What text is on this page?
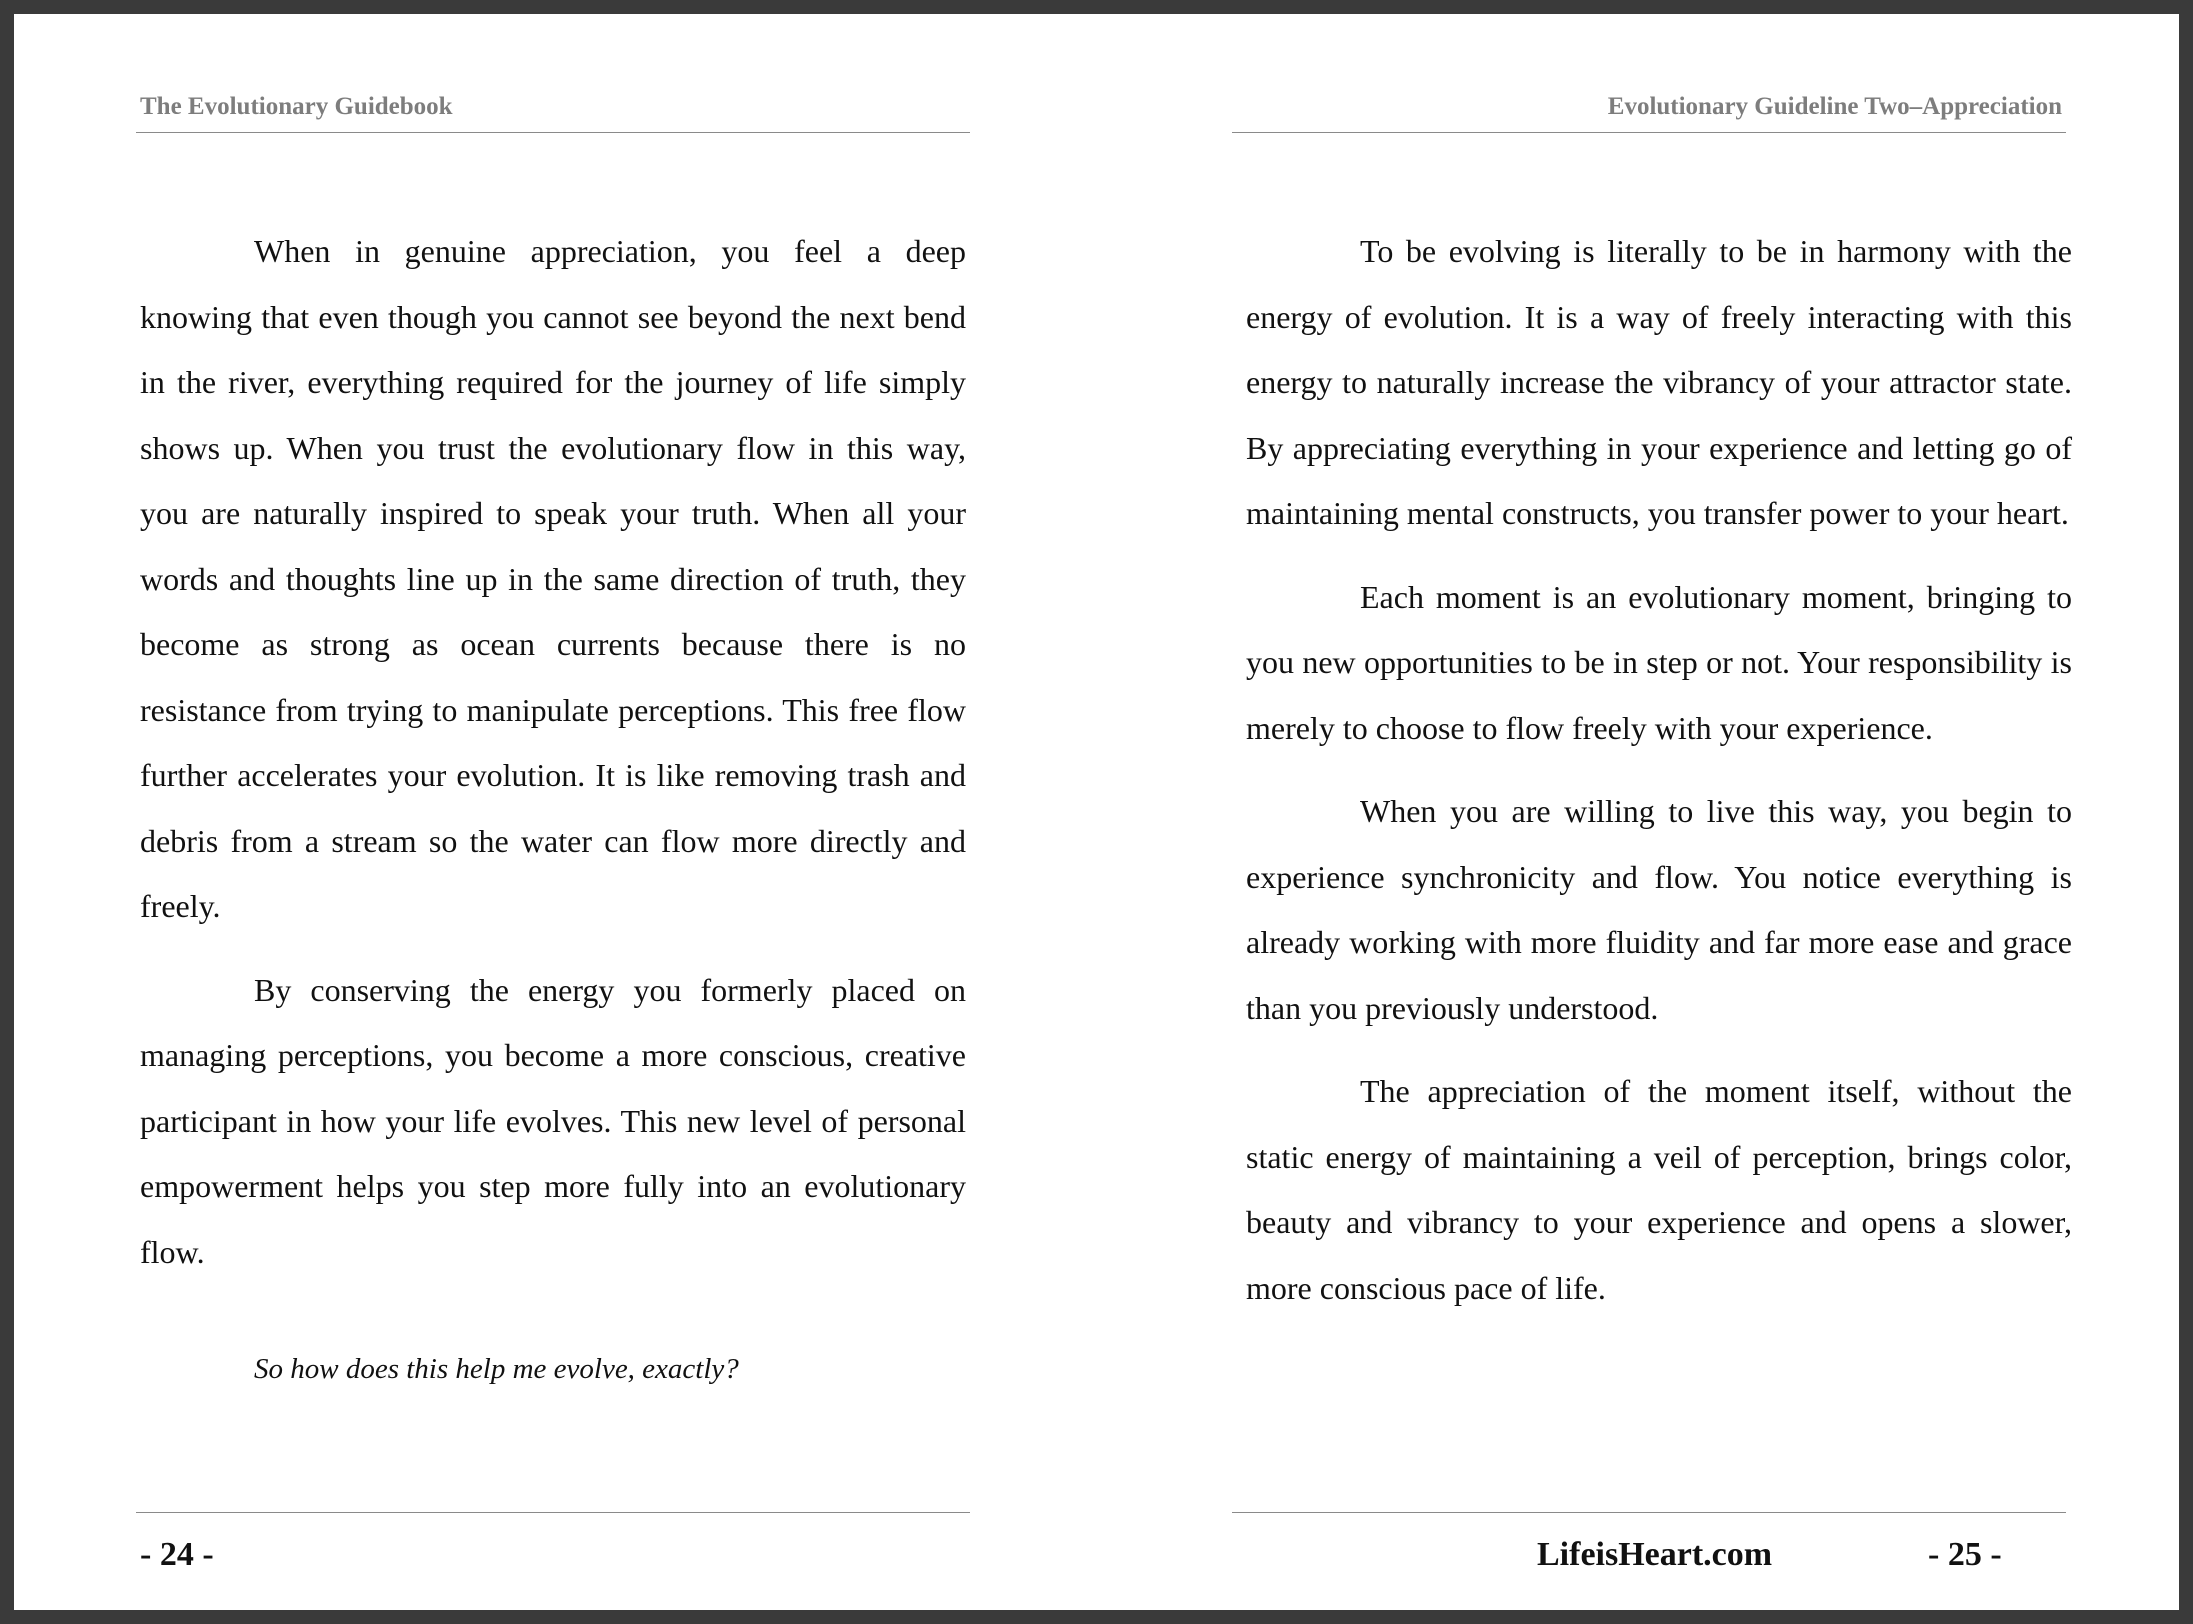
The Evolutionary Guidebook

When in genuine appreciation, you feel a deep knowing that even though you cannot see beyond the next bend in the river, everything required for the journey of life simply shows up. When you trust the evolutionary flow in this way, you are naturally inspired to speak your truth. When all your words and thoughts line up in the same direction of truth, they become as strong as ocean currents because there is no resistance from trying to manipulate perceptions. This free flow further accelerates your evolution. It is like removing trash and debris from a stream so the water can flow more directly and freely.

By conserving the energy you formerly placed on managing perceptions, you become a more conscious, creative participant in how your life evolves. This new level of personal empowerment helps you step more fully into an evolutionary flow.

So how does this help me evolve, exactly?

- 24 -
Evolutionary Guideline Two–Appreciation

To be evolving is literally to be in harmony with the energy of evolution. It is a way of freely interacting with this energy to naturally increase the vibrancy of your attractor state. By appreciating everything in your experience and letting go of maintaining mental constructs, you transfer power to your heart.

Each moment is an evolutionary moment, bringing to you new opportunities to be in step or not. Your responsibility is merely to choose to flow freely with your experience.

When you are willing to live this way, you begin to experience synchronicity and flow. You notice everything is already working with more fluidity and far more ease and grace than you previously understood.

The appreciation of the moment itself, without the static energy of maintaining a veil of perception, brings color, beauty and vibrancy to your experience and opens a slower, more conscious pace of life.

LifeisHeart.com	- 25 -
